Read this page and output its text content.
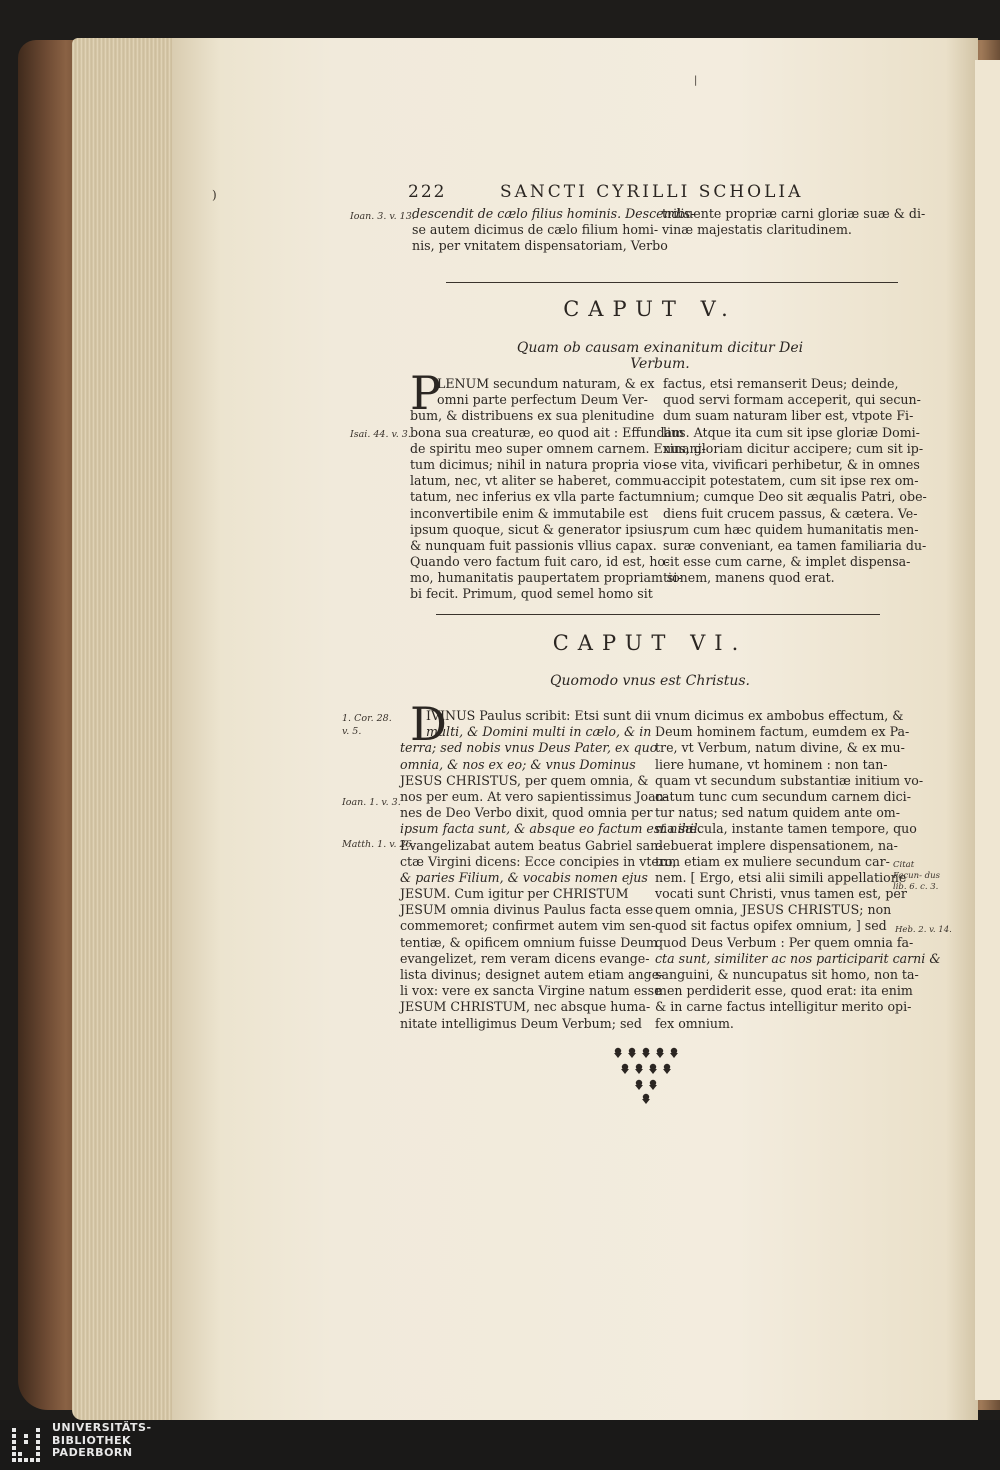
)
|
222	SANCTI CYRILLI SCHOLIA
Ioan. 3. v. 13.
descendit de cælo filius hominis. Descendis-
se autem dicimus de cælo filium homi-
nis, per vnitatem dispensatoriam, Verbo
tribuente propriæ carni gloriæ suæ & di-
vinæ majestatis claritudinem.
CAPUT V.
Quam ob causam exinanitum dicitur Dei Verbum.
P
Isai. 44. v. 3.
LENUM secundum naturam, & ex
omni parte perfectum Deum Ver-
bum, & distribuens ex sua plenitudine
bona sua creaturæ, eo quod ait : Effundam
de spiritu meo super omnem carnem. Exinani-
tum dicimus; nihil in natura propria vio-
latum, nec, vt aliter se haberet, commu-
tatum, nec inferius ex vlla parte factum:
inconvertibile enim & immutabile est
ipsum quoque, sicut & generator ipsius,
& nunquam fuit passionis vllius capax.
Quando vero factum fuit caro, id est, ho-
mo, humanitatis paupertatem propriam si-
bi fecit. Primum, quod semel homo sit
factus, etsi remanserit Deus; deinde,
quod servi formam acceperit, qui secun-
dum suam naturam liber est, vtpote Fi-
lius. Atque ita cum sit ipse gloriæ Domi-
nus, gloriam dicitur accipere; cum sit ip-
se vita, vivificari perhibetur, & in omnes
accipit potestatem, cum sit ipse rex om-
nium; cumque Deo sit æqualis Patri, obe-
diens fuit crucem passus, & cætera. Ve-
rum cum hæc quidem humanitatis men-
suræ conveniant, ea tamen familiaria du-
cit esse cum carne, & implet dispensa-
tionem, manens quod erat.
CAPUT VI.
Quomodo vnus est Christus.
D
1. Cor. 28. v. 5.
Ioan. 1. v. 3.
Matth. 1. v. 26.
Citat Facun- dus lib. 6. c. 3.
Heb. 2. v. 14.
IVINUS Paulus scribit: Etsi sunt dii
multi, & Domini multi in cælo, & in
terra; sed nobis vnus Deus Pater, ex quo
omnia, & nos ex eo; & vnus Dominus
JESUS CHRISTUS, per quem omnia, &
nos per eum. At vero sapientissimus Joan-
nes de Deo Verbo dixit, quod omnia per
ipsum facta sunt, & absque eo factum est nihil.
Evangelizabat autem beatus Gabriel san-
ctæ Virgini dicens: Ecce concipies in vtero,
& paries Filium, & vocabis nomen ejus
JESUM. Cum igitur per CHRISTUM
JESUM omnia divinus Paulus facta esse
commemoret; confirmet autem vim sen-
tentiæ, & opificem omnium fuisse Deum
evangelizet, rem veram dicens evange-
lista divinus; designet autem etiam ange-
li vox: vere ex sancta Virgine natum esse
JESUM CHRISTUM, nec absque huma-
nitate intelligimus Deum Verbum; sed
vnum dicimus ex ambobus effectum, &
Deum hominem factum, eumdem ex Pa-
tre, vt Verbum, natum divine, & ex mu-
liere humane, vt hominem : non tan-
quam vt secundum substantiæ initium vo-
catum tunc cum secundum carnem dici-
tur natus; sed natum quidem ante om-
nia sæcula, instante tamen tempore, quo
debuerat implere dispensationem, na-
tum etiam ex muliere secundum car-
nem. [ Ergo, etsi alii simili appellatione
vocati sunt Christi, vnus tamen est, per
quem omnia, JESUS CHRISTUS; non
quod sit factus opifex omnium, ] sed
quod Deus Verbum : Per quem omnia fa-
cta sunt, similiter ac nos participarit carni &
sanguini, & nuncupatus sit homo, non ta-
men perdiderit esse, quod erat: ita enim
& in carne factus intelligitur merito opi-
fex omnium.
UNIVERSITÄTS-
BIBLIOTHEK
PADERBORN
